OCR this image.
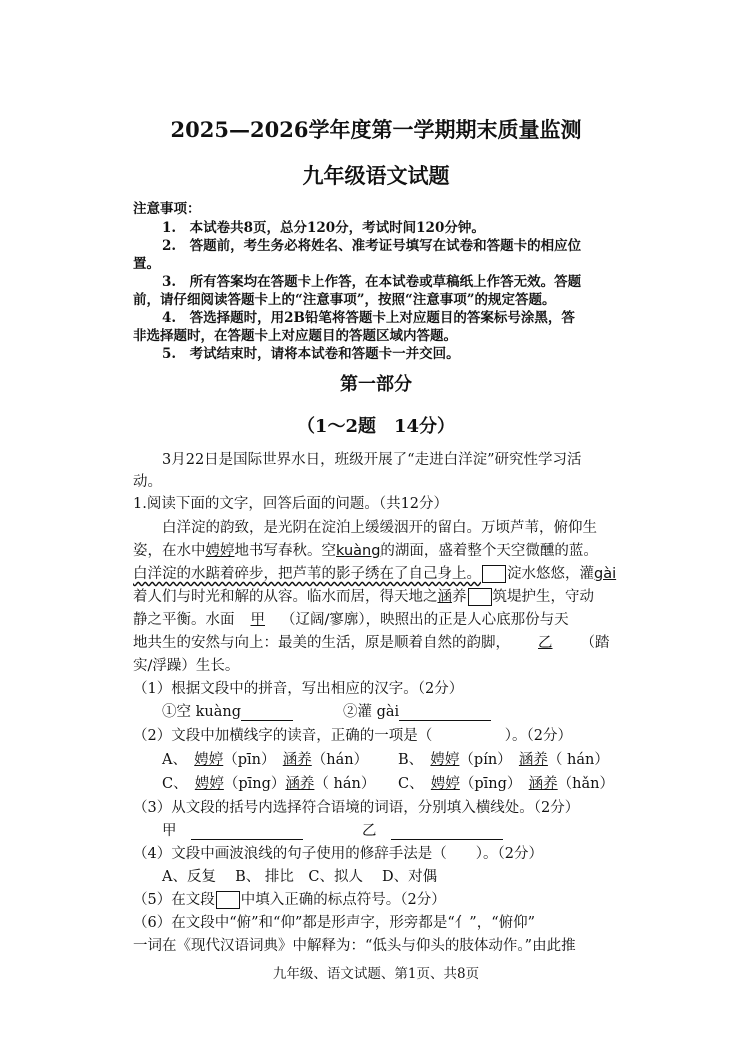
2025—2026学年度第一学期期末质量监测
九年级语文试题
注意事项：
1.　本试卷共8页，总分120分，考试时间120分钟。
2.　答题前，考生务必将姓名、准考证号填写在试卷和答题卡的相应位
置。
3.　所有答案均在答题卡上作答，在本试卷或草稿纸上作答无效。答题
前，请仔细阅读答题卡上的“注意事项”，按照“注意事项”的规定答题。
4.　答选择题时，用2B铅笔将答题卡上对应题目的答案标号涂黑，答
非选择题时，在答题卡上对应题目的答题区域内答题。
5.　考试结束时，请将本试卷和答题卡一并交回。
第一部分
（1～2题　14分）
3月22日是国际世界水日，班级开展了“走进白洋淀”研究性学习活
动。
1.阅读下面的文字，回答后面的问题。（共12分）
白洋淀的韵致，是光阴在淀泊上缓缓洇开的留白。万顷芦苇，俯仰生
姿，在水中娉婷地书写春秋。空kuàng的湖面，盛着整个天空微醺的蓝。
白洋淀的水踮着碎步，把芦苇的影子绣在了自己身上。 淀水悠悠，灌gài
着人们与时光和解的从容。临水而居，得天地之涵养 筑堤护生，守动
静之平衡。水面 甲 （辽阔/寥廓），映照出的正是人心底那份与天
地共生的安然与向上：最美的生活，原是顺着自然的韵脚， 乙 （踏
实/浮躁）生长。
（1）根据文段中的拼音，写出相应的汉字。（2分）
①空 kuàng	②灌 gài
（2）文段中加横线字的读音，正确的一项是（　　　　　）。（2分）
A、　 娉婷（pīn）　 涵养（hán） B、　 娉婷（pín）　 涵养（ hán）
C、　 娉婷（pīng）涵养（ hán） C、　 娉婷（pīng）　 涵养（hǎn）
（3）从文段的括号内选择符合语境的词语，分别填入横线处。（2分）
甲　	乙　
（4）文段中画波浪线的句子使用的修辞手法是（　　）。（2分）
A、反复　 B、 排比　C、拟人　 D、对偶
（5）在文段 中填入正确的标点符号。（2分）
（6）在文段中“俯”和“仰”都是形声字，形旁都是“亻”，“俯仰”
一词在《现代汉语词典》中解释为：“低头与仰头的肢体动作。”由此推
九年级、语文试题、第1页、共8页
